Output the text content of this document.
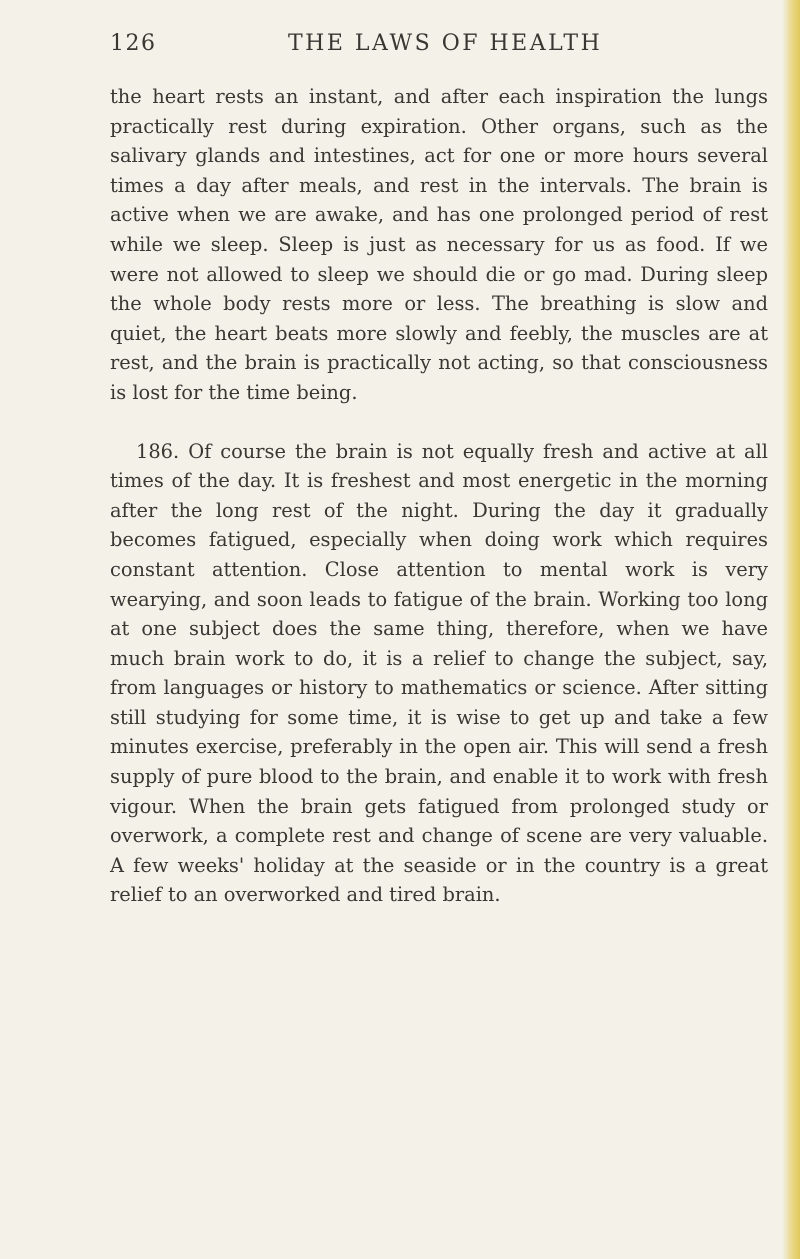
126	THE LAWS OF HEALTH

the heart rests an instant, and after each inspiration the lungs practically rest during expiration. Other organs, such as the salivary glands and intestines, act for one or more hours several times a day after meals, and rest in the intervals. The brain is active when we are awake, and has one prolonged period of rest while we sleep. Sleep is just as necessary for us as food. If we were not allowed to sleep we should die or go mad. During sleep the whole body rests more or less. The breathing is slow and quiet, the heart beats more slowly and feebly, the muscles are at rest, and the brain is practically not acting, so that consciousness is lost for the time being.

186. Of course the brain is not equally fresh and active at all times of the day. It is freshest and most energetic in the morning after the long rest of the night. During the day it gradually becomes fatigued, especially when doing work which requires constant attention. Close attention to mental work is very wearying, and soon leads to fatigue of the brain. Working too long at one subject does the same thing, therefore, when we have much brain work to do, it is a relief to change the subject, say, from languages or history to mathematics or science. After sitting still studying for some time, it is wise to get up and take a few minutes exercise, preferably in the open air. This will send a fresh supply of pure blood to the brain, and enable it to work with fresh vigour. When the brain gets fatigued from prolonged study or overwork, a complete rest and change of scene are very valuable. A few weeks' holiday at the seaside or in the country is a great relief to an overworked and tired brain.
